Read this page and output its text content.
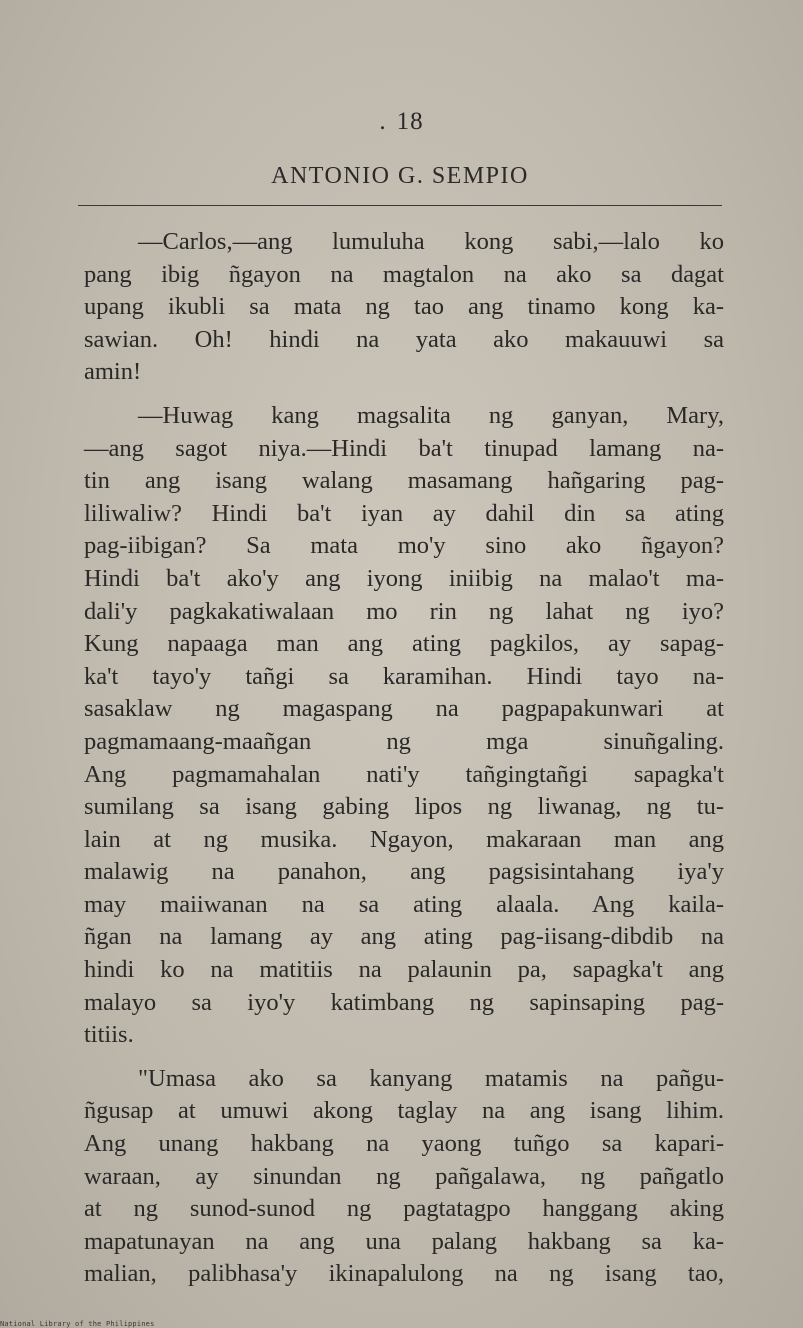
. 18
ANTONIO G. SEMPIO
—Carlos,—ang lumuluha kong sabi,—lalo ko
pang ibig ñgayon na magtalon na ako sa dagat
upang ikubli sa mata ng tao ang tinamo kong ka-
sawian. Oh! hindi na yata ako makauuwi sa
amin!
—Huwag kang magsalita ng ganyan, Mary,
—ang sagot niya.—Hindi ba't tinupad lamang na-
tin ang isang walang masamang hañgaring pag-
liliwaliw? Hindi ba't iyan ay dahil din sa ating
pag-iibigan? Sa mata mo'y sino ako ñgayon?
Hindi ba't ako'y ang iyong iniibig na malao't ma-
dali'y pagkakatiwalaan mo rin ng lahat ng iyo?
Kung napaaga man ang ating pagkilos, ay sapag-
ka't tayo'y tañgi sa karamihan. Hindi tayo na-
sasaklaw ng magaspang na pagpapakunwari at
pagmamaang-maañgan ng mga sinuñgaling.
Ang pagmamahalan nati'y tañgingtañgi sapagka't
sumilang sa isang gabing lipos ng liwanag, ng tu-
lain at ng musika. Ngayon, makaraan man ang
malawig na panahon, ang pagsisintahang iya'y
may maiiwanan na sa ating alaala. Ang kaila-
ñgan na lamang ay ang ating pag-iisang-dibdib na
hindi ko na matitiis na palaunin pa, sapagka't ang
malayo sa iyo'y katimbang ng sapinsaping pag-
titiis.
"Umasa ako sa kanyang matamis na pañgu-
ñgusap at umuwi akong taglay na ang isang lihim.
Ang unang hakbang na yaong tuñgo sa kapari-
waraan, ay sinundan ng pañgalawa, ng pañgatlo
at ng sunod-sunod ng pagtatagpo hanggang aking
mapatunayan na ang una palang hakbang sa ka-
malian, palibhasa'y ikinapalulong na ng isang tao,
National Library of the Philippines
